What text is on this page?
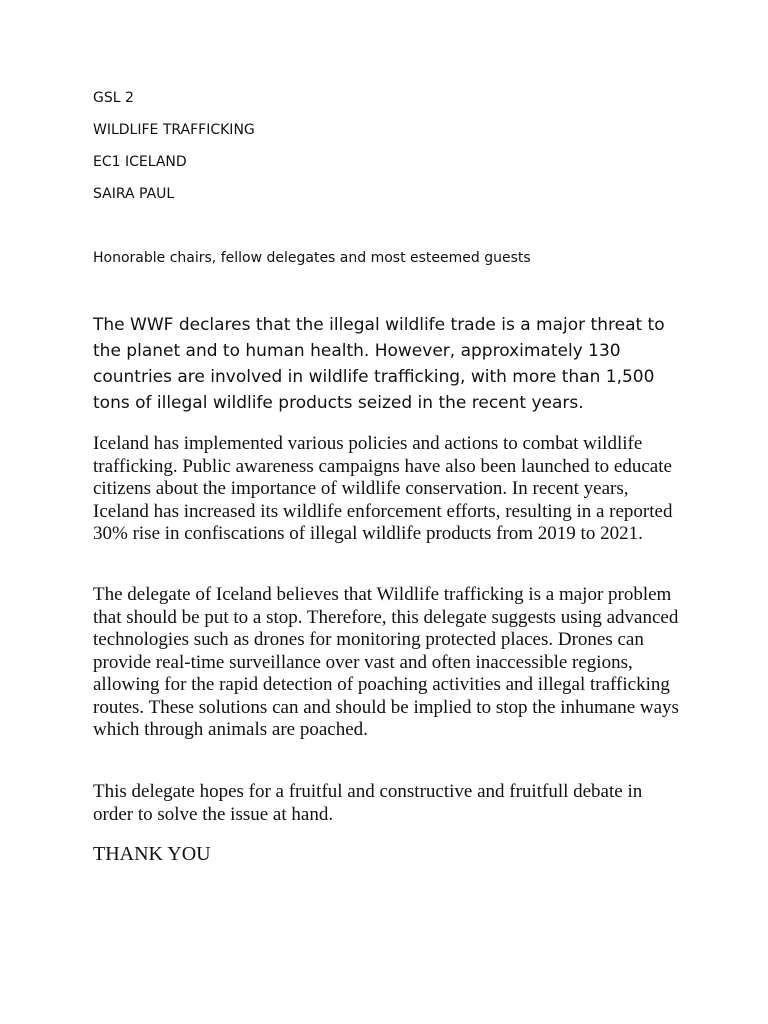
GSL 2
WILDLIFE TRAFFICKING
EC1 ICELAND
SAIRA PAUL
Honorable chairs, fellow delegates and most esteemed guests

The WWF declares that the illegal wildlife trade is a major threat to the planet and to human health. However, approximately 130 countries are involved in wildlife trafficking, with more than 1,500 tons of illegal wildlife products seized in the recent years.

Iceland has implemented various policies and actions to combat wildlife trafficking. Public awareness campaigns have also been launched to educate citizens about the importance of wildlife conservation. In recent years, Iceland has increased its wildlife enforcement efforts, resulting in a reported 30% rise in confiscations of illegal wildlife products from 2019 to 2021.

The delegate of Iceland believes that Wildlife trafficking is a major problem that should be put to a stop. Therefore, this delegate suggests using advanced technologies such as drones for monitoring protected places. Drones can provide real-time surveillance over vast and often inaccessible regions, allowing for the rapid detection of poaching activities and illegal trafficking routes. These solutions can and should be implied to stop the inhumane ways which through animals are poached.

This delegate hopes for a fruitful and constructive and fruitfull debate in order to solve the issue at hand.

THANK YOU
